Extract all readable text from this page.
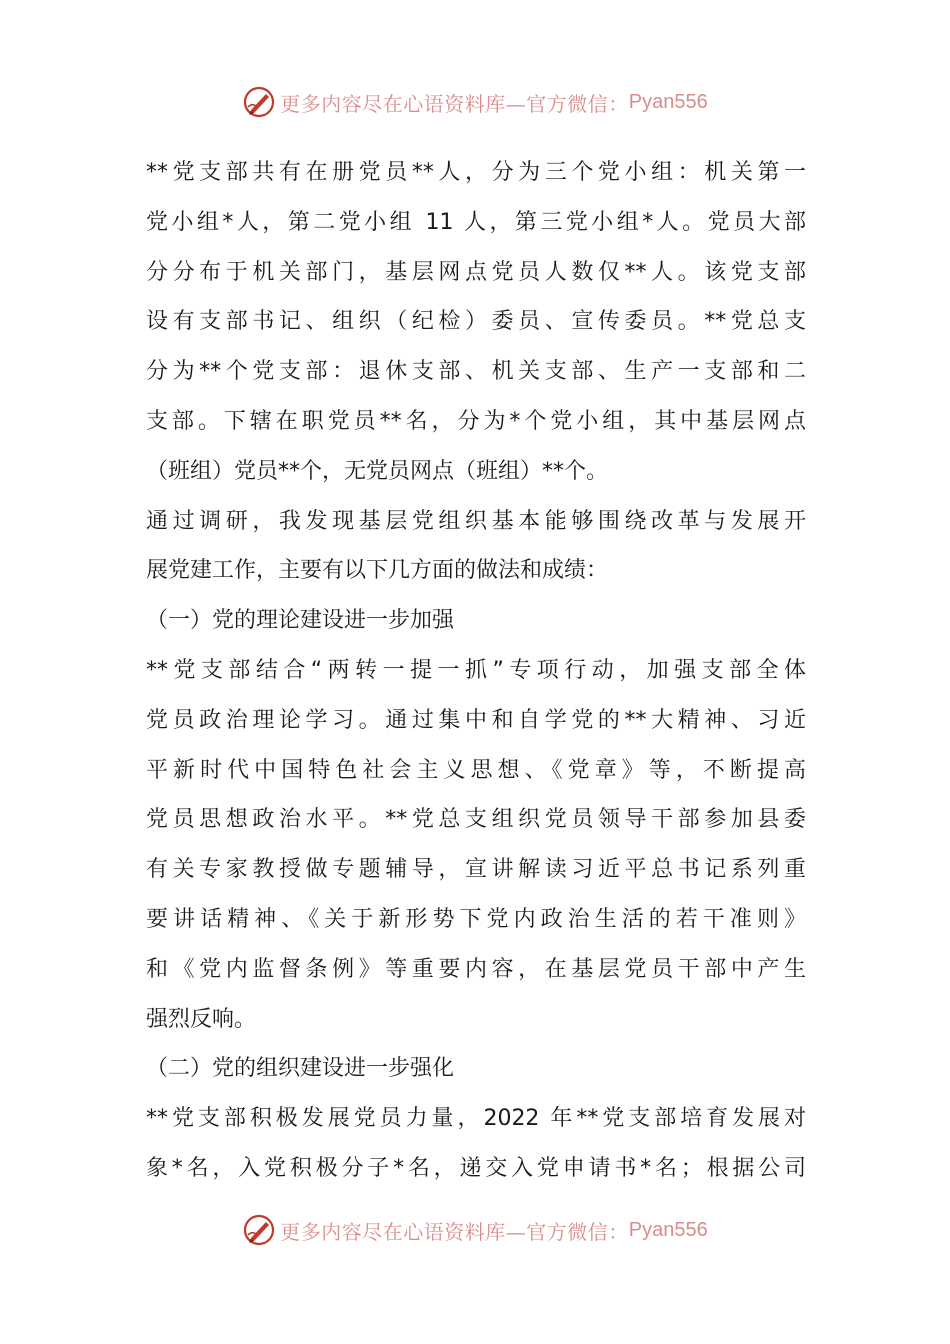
更多内容尽在心语资料库—官方微信： Pyan556
**党支部共有在册党员**人，分为三个党小组：机关第一
党小组*人，第二党小组 11 人，第三党小组*人。党员大部
分分布于机关部门，基层网点党员人数仅**人。该党支部
设有支部书记、组织（纪检）委员、宣传委员。**党总支
分为**个党支部：退休支部、机关支部、生产一支部和二
支部。下辖在职党员**名，分为*个党小组，其中基层网点
（班组）党员**个，无党员网点（班组）**个。
通过调研，我发现基层党组织基本能够围绕改革与发展开
展党建工作，主要有以下几方面的做法和成绩：
（一）党的理论建设进一步加强
**党支部结合“两转一提一抓”专项行动，加强支部全体
党员政治理论学习。通过集中和自学党的**大精神、习近
平新时代中国特色社会主义思想、《党章》等，不断提高
党员思想政治水平。**党总支组织党员领导干部参加县委
有关专家教授做专题辅导，宣讲解读习近平总书记系列重
要讲话精神、《关于新形势下党内政治生活的若干准则》
和《党内监督条例》等重要内容，在基层党员干部中产生
强烈反响。
（二）党的组织建设进一步强化
**党支部积极发展党员力量，2022 年**党支部培育发展对
象*名，入党积极分子*名，递交入党申请书*名；根据公司
更多内容尽在心语资料库—官方微信： Pyan556
